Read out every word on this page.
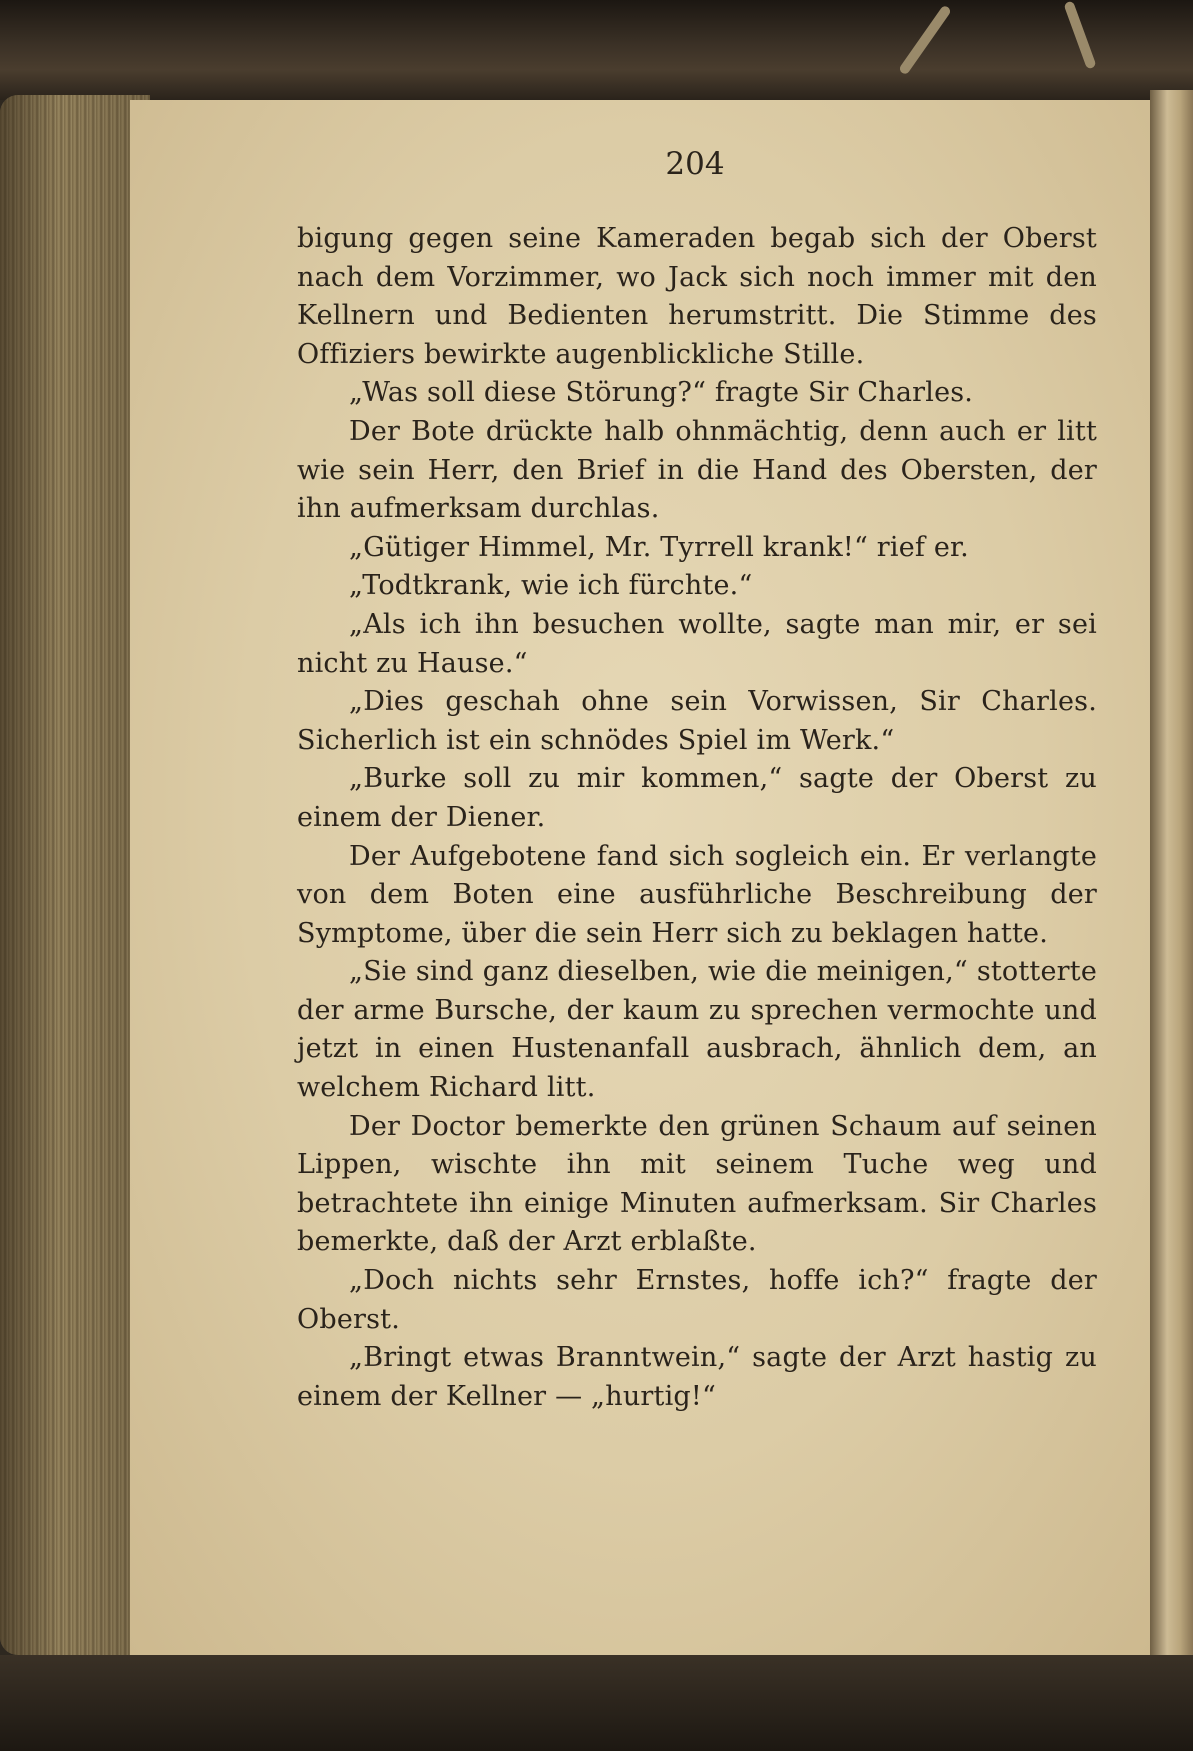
204

bigung gegen seine Kameraden begab sich der Oberst nach dem Vorzimmer, wo Jack sich noch immer mit den Kellnern und Bedienten herumstritt. Die Stimme des Offiziers bewirkte augenblickliche Stille.

„Was soll diese Störung?“ fragte Sir Charles.

Der Bote drückte halb ohnmächtig, denn auch er litt wie sein Herr, den Brief in die Hand des Obersten, der ihn aufmerksam durchlas.

„Gütiger Himmel, Mr. Tyrrell krank!“ rief er.

„Todtkrank, wie ich fürchte.“

„Als ich ihn besuchen wollte, sagte man mir, er sei nicht zu Hause.“

„Dies geschah ohne sein Vorwissen, Sir Charles. Sicherlich ist ein schnödes Spiel im Werk.“

„Burke soll zu mir kommen,“ sagte der Oberst zu einem der Diener.

Der Aufgebotene fand sich sogleich ein. Er verlangte von dem Boten eine ausführliche Beschreibung der Symptome, über die sein Herr sich zu beklagen hatte.

„Sie sind ganz dieselben, wie die meinigen,“ stotterte der arme Bursche, der kaum zu sprechen vermochte und jetzt in einen Hustenanfall ausbrach, ähnlich dem, an welchem Richard litt.

Der Doctor bemerkte den grünen Schaum auf seinen Lippen, wischte ihn mit seinem Tuche weg und betrachtete ihn einige Minuten aufmerksam. Sir Charles bemerkte, daß der Arzt erblaßte.

„Doch nichts sehr Ernstes, hoffe ich?“ fragte der Oberst.

„Bringt etwas Branntwein,“ sagte der Arzt hastig zu einem der Kellner — „hurtig!“
